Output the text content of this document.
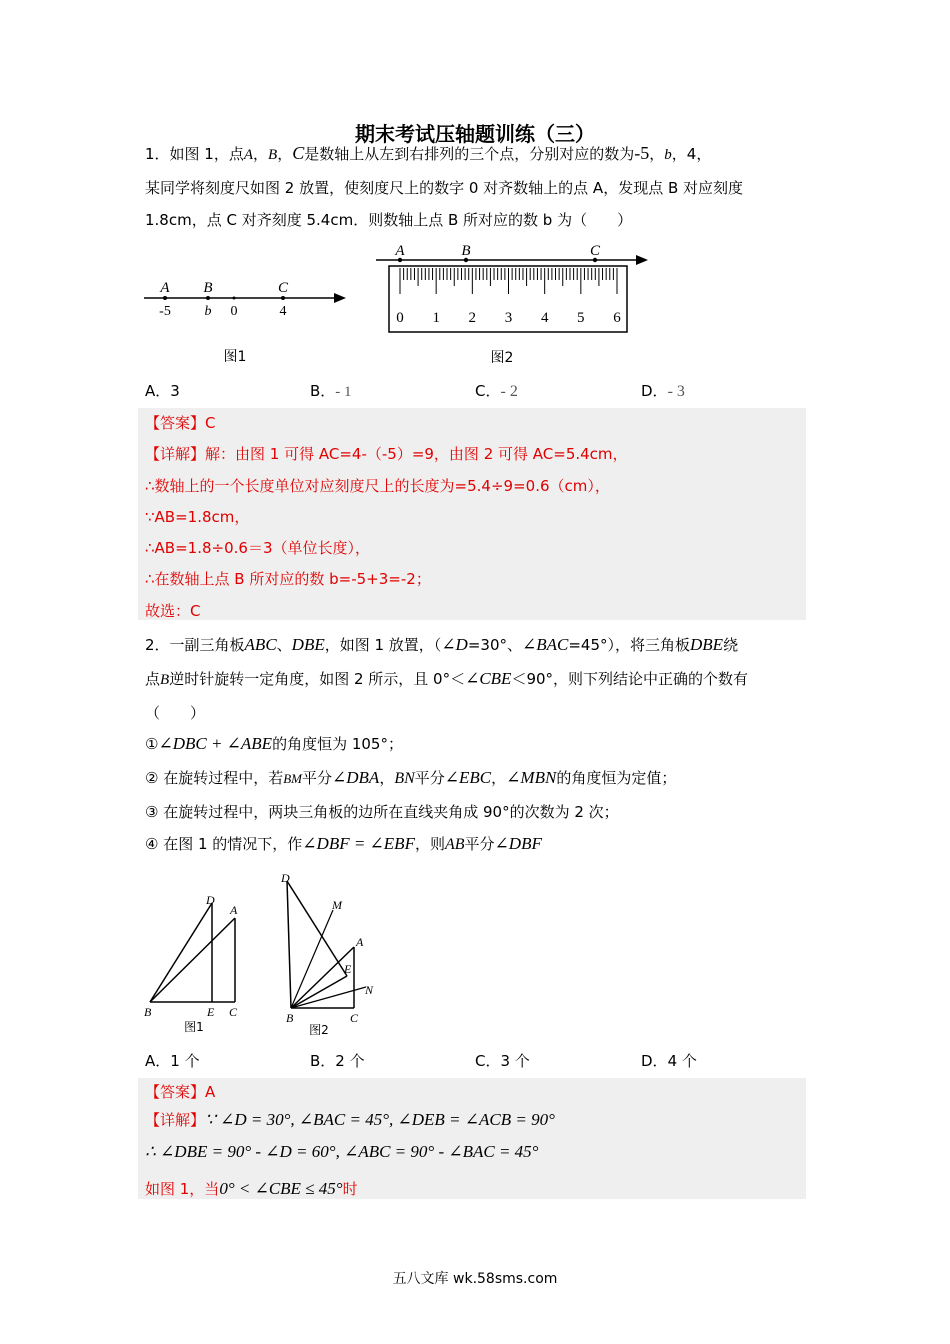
期末考试压轴题训练（三）
1．如图 1，点A，B，C是数轴上从左到右排列的三个点，分别对应的数为-5，b，4，
某同学将刻度尺如图 2 放置，使刻度尺上的数字 0 对齐数轴上的点 A，发现点 B 对应刻度
1.8cm，点 C 对齐刻度 5.4cm．则数轴上点 B 所对应的数 b 为（　　）
A B	C
-5 b 0	4
图1
A	B	C
0 1 2 3 4 5 6
图2
A．3	B．- 1	C．- 2	D．- 3
【答案】C
【详解】解：由图 1 可得 AC=4-（-5）=9，由图 2 可得 AC=5.4cm，
∴数轴上的一个长度单位对应刻度尺上的长度为=5.4÷9=0.6（cm），
∵AB=1.8cm，
∴AB=1.8÷0.6＝3（单位长度），
∴在数轴上点 B 所对应的数 b=-5+3=-2；
故选：C
2．一副三角板ABC、DBE，如图 1 放置，（∠D=30°、∠BAC=45°），将三角板DBE绕
点B逆时针旋转一定角度，如图 2 所示，且 0°＜∠CBE＜90°，则下列结论中正确的个数有
（　　）
①∠DBC + ∠ABE的角度恒为 105°；
② 在旋转过程中，若BM平分∠DBA，BN平分∠EBC，∠MBN的角度恒为定值；
③ 在旋转过程中，两块三角板的边所在直线夹角成 90°的次数为 2 次；
④ 在图 1 的情况下，作∠DBF = ∠EBF，则AB平分∠DBF
D
A
B	E C
图1
D
M
A
E
N
B	C
图2
A．1 个	B．2 个	C．3 个	D．4 个
【答案】A
【详解】∵ ∠D = 30°, ∠BAC = 45°, ∠DEB = ∠ACB = 90°
∴ ∠DBE = 90° - ∠D = 60°, ∠ABC = 90° - ∠BAC = 45°
如图 1，当0° < ∠CBE ≤ 45°时
五八文库 wk.58sms.com
